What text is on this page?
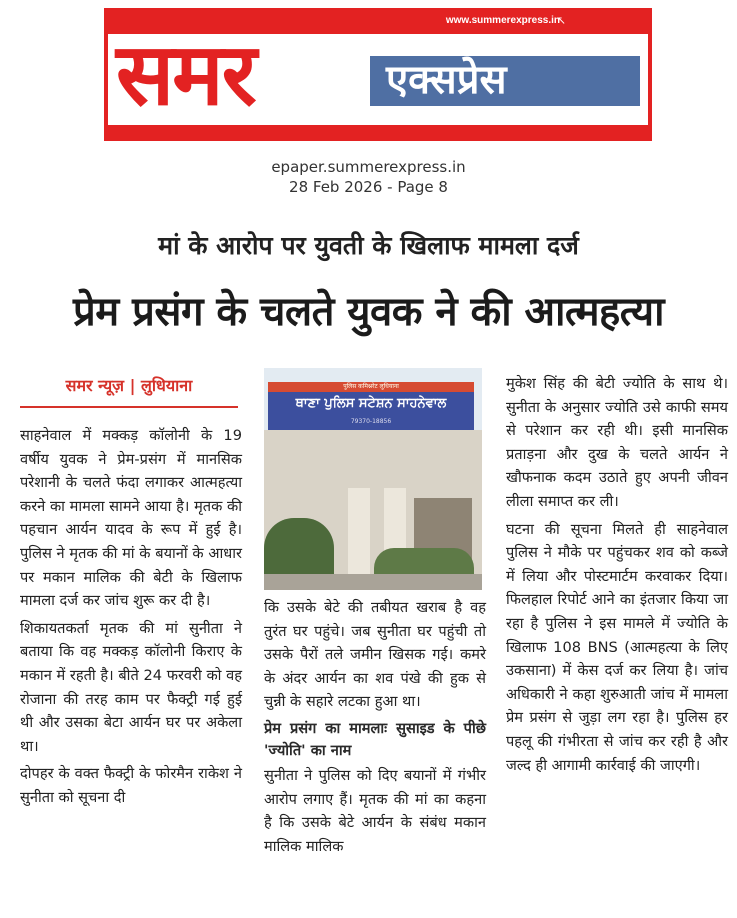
www.summerexpress.in
↖
समर	एक्सप्रेस
epaper.summerexpress.in
28 Feb 2026 - Page 8
मां के आरोप पर युवती के खिलाफ मामला दर्ज
प्रेम प्रसंग के चलते युवक ने की आत्महत्या
समर न्यूज़ | लुधियाना

साहनेवाल में मक्कड़ कॉलोनी के 19 वर्षीय युवक ने प्रेम-प्रसंग में मानसिक परेशानी के चलते फंदा लगाकर आत्महत्या करने का मामला सामने आया है। मृतक की पहचान आर्यन यादव के रूप में हुई है। पुलिस ने मृतक की मां के बयानों के आधार पर मकान मालिक की बेटी के खिलाफ मामला दर्ज कर जांच शुरू कर दी है।

शिकायतकर्ता मृतक की मां सुनीता ने बताया कि वह मक्कड़ कॉलोनी किराए के मकान में रहती है। बीते 24 फरवरी को वह रोजाना की तरह काम पर फैक्ट्री गई हुई थी और उसका बेटा आर्यन घर पर अकेला था।

दोपहर के वक्त फैक्ट्री के फोरमैन राकेश ने सुनीता को सूचना दी

पुलिस कमिश्नरेट लुधियाना
ਥਾਣਾ ਪੁਲਿਸ ਸਟੇਸ਼ਨ ਸਾਹਨੇਵਾਲ
79370-18856

कि उसके बेटे की तबीयत खराब है वह तुरंत घर पहुंचे। जब सुनीता घर पहुंची तो उसके पैरों तले जमीन खिसक गई। कमरे के अंदर आर्यन का शव पंखे की हुक से चुन्नी के सहारे लटका हुआ था।

प्रेम प्रसंग का मामलाः सुसाइड के पीछे 'ज्योति' का नाम

सुनीता ने पुलिस को दिए बयानों में गंभीर आरोप लगाए हैं। मृतक की मां का कहना है कि उसके बेटे आर्यन के संबंध मकान मालिक मालिक

मुकेश सिंह की बेटी ज्योति के साथ थे। सुनीता के अनुसार ज्योति उसे काफी समय से परेशान कर रही थी। इसी मानसिक प्रताड़ना और दुख के चलते आर्यन ने खौफनाक कदम उठाते हुए अपनी जीवन लीला समाप्त कर ली।

घटना की सूचना मिलते ही साहनेवाल पुलिस ने मौके पर पहुंचकर शव को कब्जे में लिया और पोस्टमार्टम करवाकर दिया। फिलहाल रिपोर्ट आने का इंतजार किया जा रहा है पुलिस ने इस मामले में ज्योति के खिलाफ 108 BNS (आत्महत्या के लिए उकसाना) में केस दर्ज कर लिया है। जांच अधिकारी ने कहा शुरुआती जांच में मामला प्रेम प्रसंग से जुड़ा लग रहा है। पुलिस हर पहलू की गंभीरता से जांच कर रही है और जल्द ही आगामी कार्रवाई की जाएगी।
